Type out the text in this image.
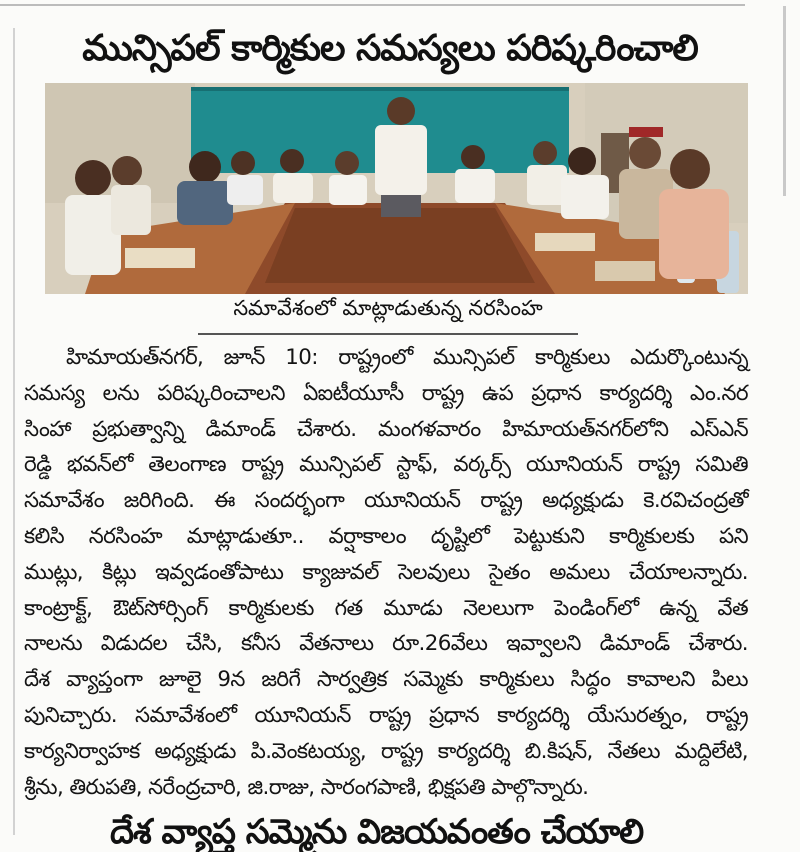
మున్సిపల్ కార్మికుల సమస్యలు పరిష్కరించాలి
సమావేశంలో మాట్లాడుతున్న నరసింహ
హిమాయత్‌నగర్, జూన్ 10: రాష్ట్రంలో మున్సిపల్ కార్మికులు ఎదుర్కొంటున్న
సమస్య లను పరిష్కరించాలని ఏఐటీయూసీ రాష్ట్ర ఉప ప్రధాన కార్యదర్శి ఎం.నర
సింహా ప్రభుత్వాన్ని డిమాండ్ చేశారు. మంగళవారం హిమాయత్‌నగర్‌లోని ఎస్ఎన్
రెడ్డి భవన్‌లో తెలంగాణ రాష్ట్ర మున్సిపల్ స్టాఫ్, వర్కర్స్ యూనియన్ రాష్ట్ర సమితి
సమావేశం జరిగింది. ఈ సందర్భంగా యూనియన్ రాష్ట్ర అధ్యక్షుడు కె.రవిచంద్రతో
కలిసి నరసింహ మాట్లాడుతూ.. వర్షాకాలం దృష్టిలో పెట్టుకుని కార్మికులకు పని
ముట్లు, కిట్లు ఇవ్వడంతోపాటు క్యాజువల్ సెలవులు సైతం అమలు చేయాలన్నారు.
కాంట్రాక్ట్, ఔట్‌సోర్సింగ్ కార్మికులకు గత మూడు నెలలుగా పెండింగ్‌లో ఉన్న వేత
నాలను విడుదల చేసి, కనీస వేతనాలు రూ.26వేలు ఇవ్వాలని డిమాండ్ చేశారు.
దేశ వ్యాప్తంగా జూలై 9న జరిగే సార్వత్రిక సమ్మెకు కార్మికులు సిద్ధం కావాలని పిలు
పునిచ్చారు. సమావేశంలో యూనియన్ రాష్ట్ర ప్రధాన కార్యదర్శి యేసురత్నం, రాష్ట్ర
కార్యనిర్వాహక అధ్యక్షుడు పి.వెంకటయ్య, రాష్ట్ర కార్యదర్శి బి.కిషన్, నేతలు మద్దిలేటి,
శ్రీను, తిరుపతి, నరేంద్రచారి, జి.రాజు, సారంగపాణి, భిక్షపతి పాల్గొన్నారు.
దేశ వ్యాప్త సమ్మెను విజయవంతం చేయాలి
